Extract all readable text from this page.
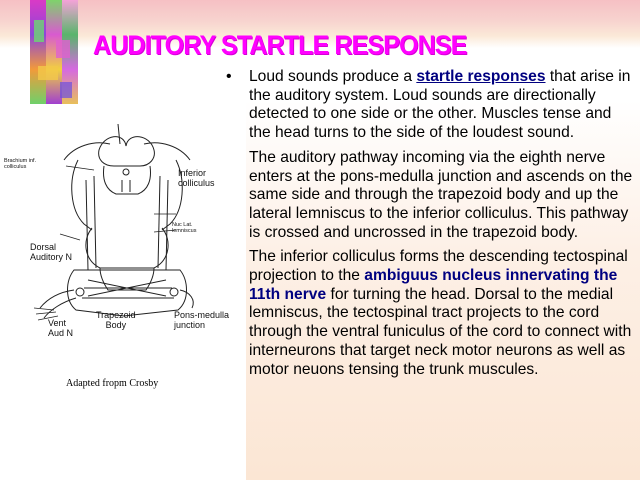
AUDITORY STARTLE RESPONSE
• Loud sounds produce a startle responses that arise in the auditory system. Loud sounds are directionally detected to one side or the other. Muscles tense and the head turns to the side of the loudest sound.

The auditory pathway incoming via the eighth nerve enters at the pons-medulla junction and ascends on the same side and through the trapezoid body and up the lateral lemniscus to the inferior colliculus. This pathway is crossed and uncrossed in the trapezoid body.

The inferior colliculus forms the descending tectospinal projection to the ambiguus nucleus innervating the 11th nerve for turning the head. Dorsal to the medial lemniscus, the tectospinal tract projects to the cord through the ventral funiculus of the cord to connect with interneurons that target neck motor neurons as well as motor neuons tensing the trunk muscules.

Brachium inf.
colliculus
Inferior
colliculus
Nuc Lat.
lemniscus
Dorsal
Auditory N
Vent
Aud N
Trapezoid
Body
Pons-medulla
junction
Adapted fropm Crosby
